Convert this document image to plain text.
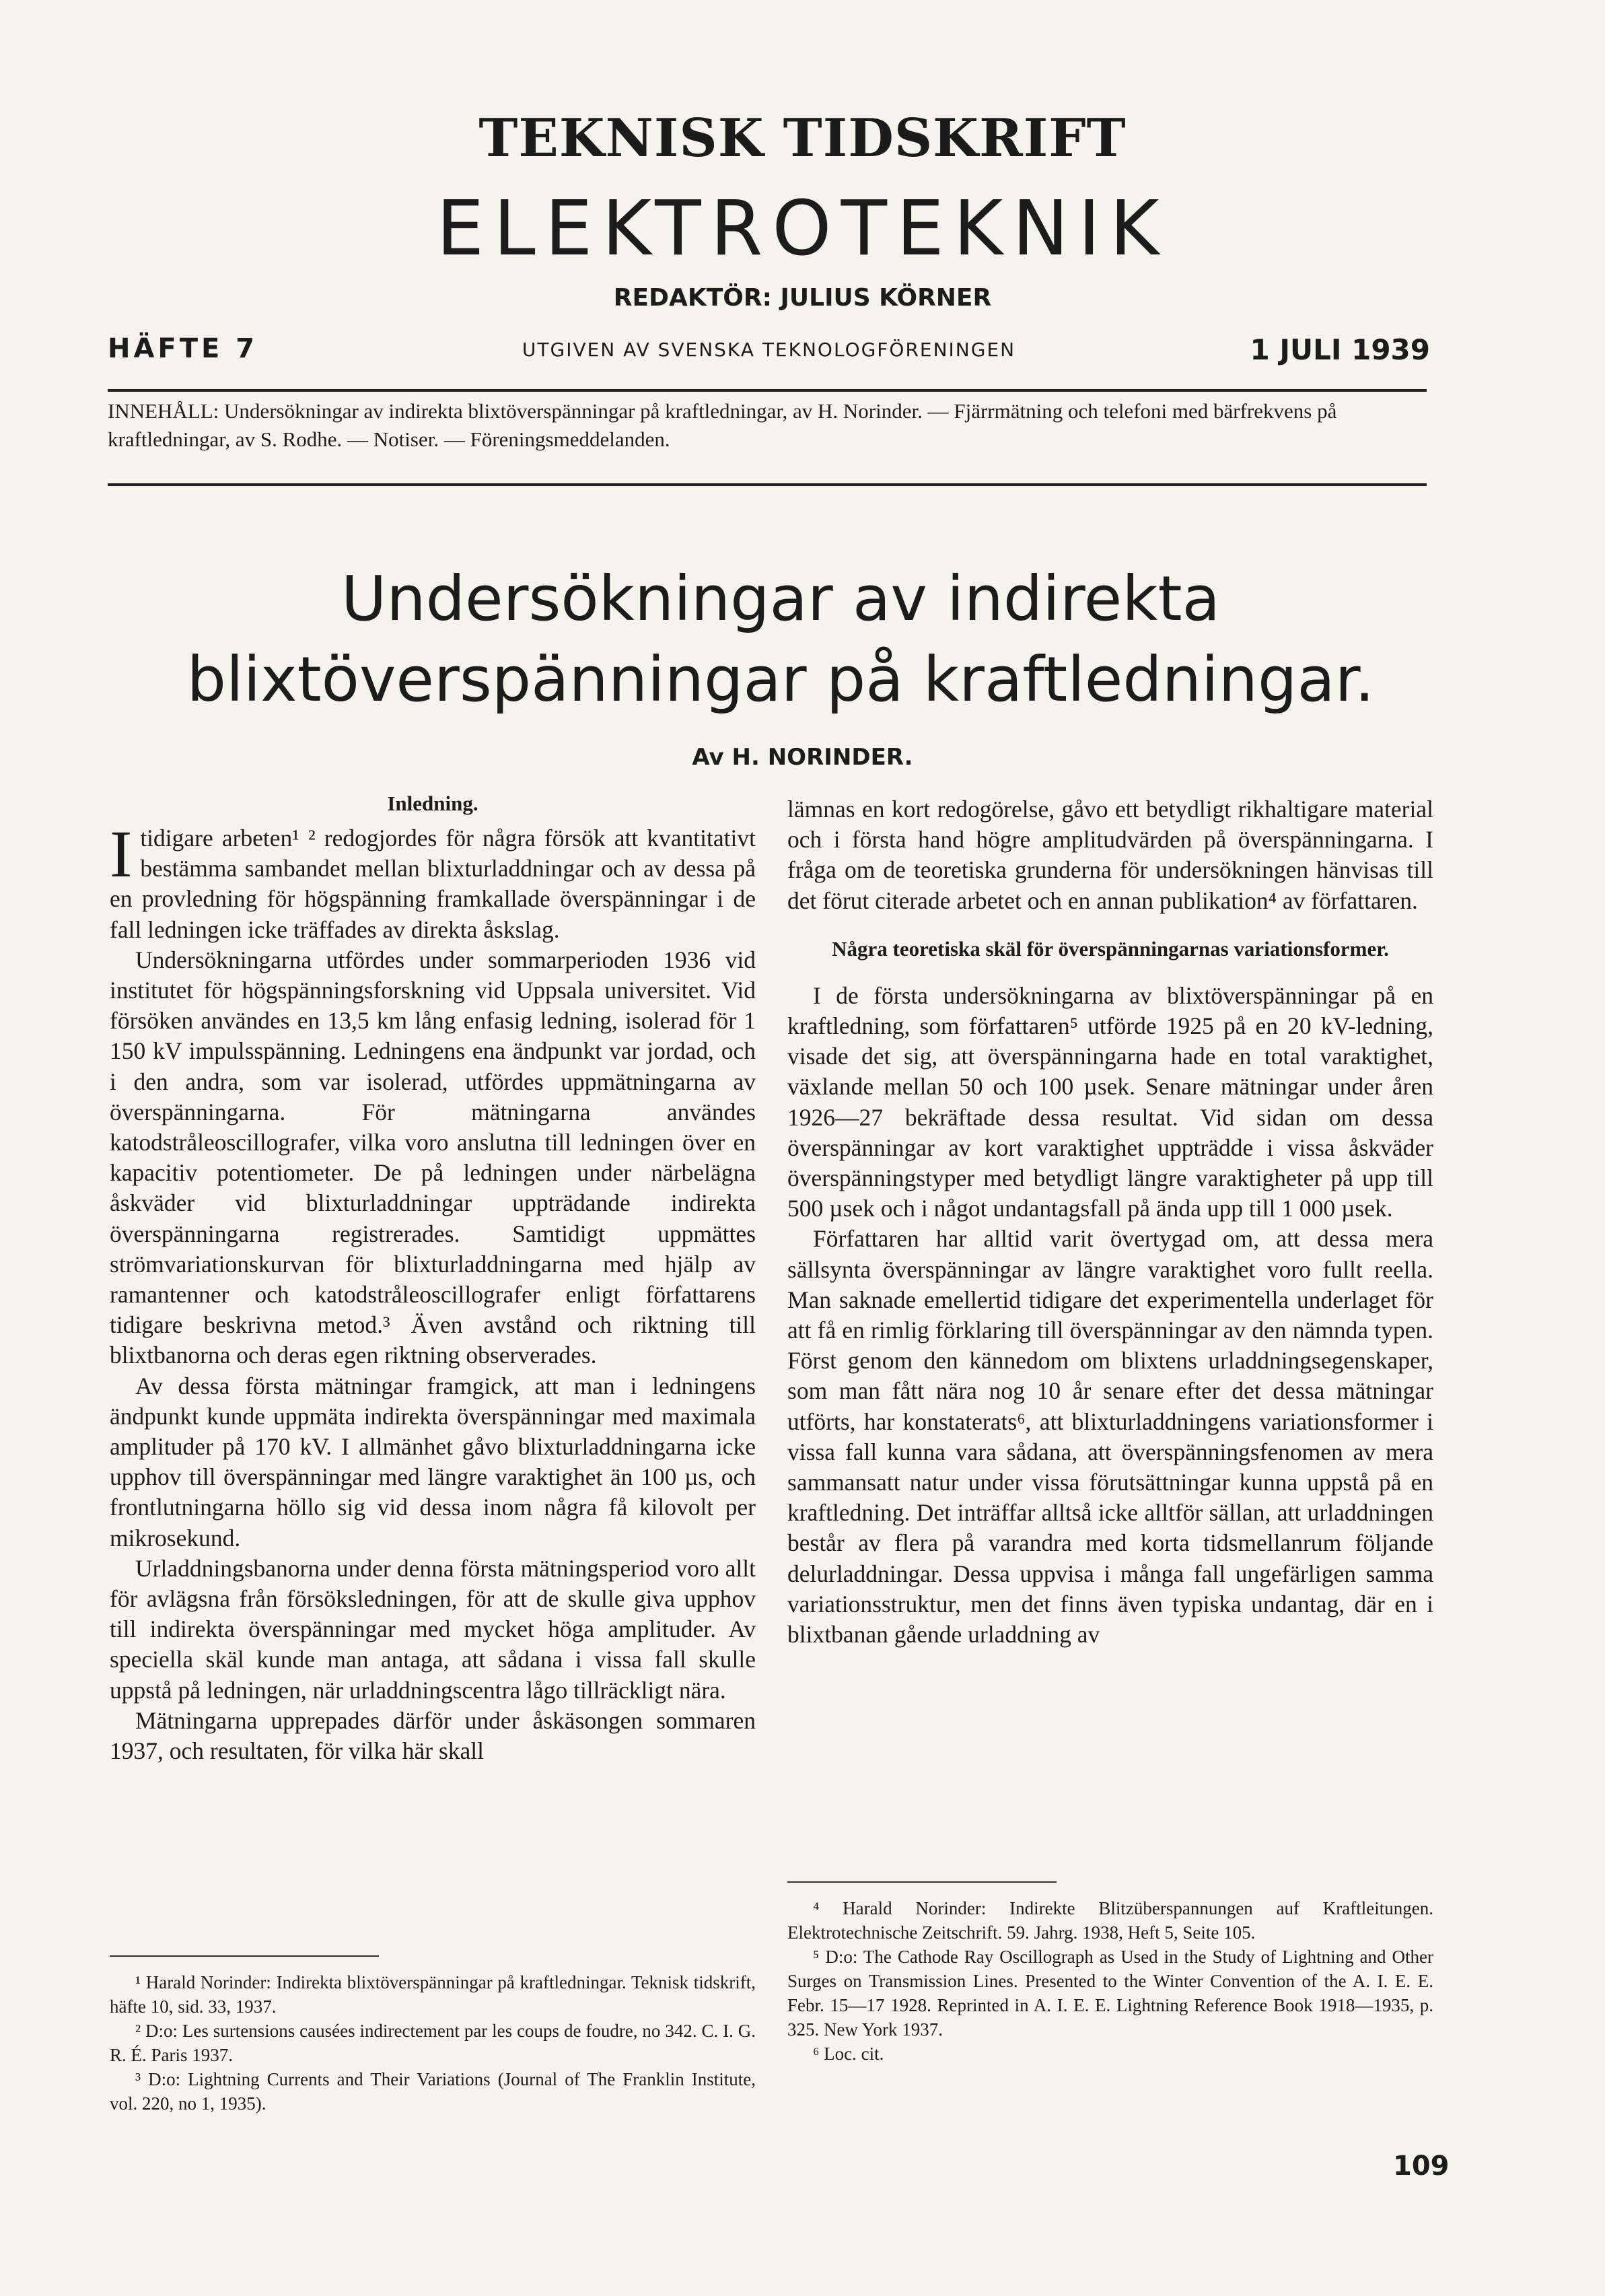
TEKNISK TIDSKRIFT
ELEKTROTEKNIK
REDAKTÖR: JULIUS KÖRNER
UTGIVEN AV SVENSKA TEKNOLOGFÖRENINGEN
HÄFTE 7	1 JULI 1939
INNEHÅLL: Undersökningar av indirekta blixtöverspänningar på kraftledningar, av H. Norinder. — Fjärrmätning och telefoni med bärfrekvens på kraftledningar, av S. Rodhe. — Notiser. — Föreningsmeddelanden.
Undersökningar av indirekta blixtöverspänningar på kraftledningar.
Av H. NORINDER.
Inledning.

Itidigare arbeten¹ ² redogjordes för några försök att kvantitativt bestämma sambandet mellan blixturladdningar och av dessa på en provledning för högspänning framkallade överspänningar i de fall ledningen icke träffades av direkta åskslag.

Undersökningarna utfördes under sommarperioden 1936 vid institutet för högspänningsforskning vid Uppsala universitet. Vid försöken användes en 13,5 km lång enfasig ledning, isolerad för 1 150 kV impulsspänning. Ledningens ena ändpunkt var jordad, och i den andra, som var isolerad, utfördes uppmätningarna av överspänningarna. För mätningarna användes katodstråleoscillografer, vilka voro anslutna till ledningen över en kapacitiv potentiometer. De på ledningen under närbelägna åskväder vid blixturladdningar uppträdande indirekta överspänningarna registrerades. Samtidigt uppmättes strömvariationskurvan för blixturladdningarna med hjälp av ramantenner och katodstråleoscillografer enligt författarens tidigare beskrivna metod.³ Även avstånd och riktning till blixtbanorna och deras egen riktning observerades.

Av dessa första mätningar framgick, att man i ledningens ändpunkt kunde uppmäta indirekta överspänningar med maximala amplituder på 170 kV. I allmänhet gåvo blixturladdningarna icke upphov till överspänningar med längre varaktighet än 100 µs, och frontlutningarna höllo sig vid dessa inom några få kilovolt per mikrosekund.

Urladdningsbanorna under denna första mätningsperiod voro allt för avlägsna från försöksledningen, för att de skulle giva upphov till indirekta överspänningar med mycket höga amplituder. Av speciella skäl kunde man antaga, att sådana i vissa fall skulle uppstå på ledningen, när urladdningscentra lågo tillräckligt nära.

Mätningarna upprepades därför under åskäsongen sommaren 1937, och resultaten, för vilka här skall

lämnas en kort redogörelse, gåvo ett betydligt rikhaltigare material och i första hand högre amplitudvärden på överspänningarna. I fråga om de teoretiska grunderna för undersökningen hänvisas till det förut citerade arbetet och en annan publikation⁴ av författaren.

Några teoretiska skäl för överspänningarnas variationsformer.

I de första undersökningarna av blixtöverspänningar på en kraftledning, som författaren⁵ utförde 1925 på en 20 kV-ledning, visade det sig, att överspänningarna hade en total varaktighet, växlande mellan 50 och 100 µsek. Senare mätningar under åren 1926—27 bekräftade dessa resultat. Vid sidan om dessa överspänningar av kort varaktighet uppträdde i vissa åskväder överspänningstyper med betydligt längre varaktigheter på upp till 500 µsek och i något undantagsfall på ända upp till 1 000 µsek.

Författaren har alltid varit övertygad om, att dessa mera sällsynta överspänningar av längre varaktighet voro fullt reella. Man saknade emellertid tidigare det experimentella underlaget för att få en rimlig förklaring till överspänningar av den nämnda typen. Först genom den kännedom om blixtens urladdningsegenskaper, som man fått nära nog 10 år senare efter det dessa mätningar utförts, har konstaterats⁶, att blixturladdningens variationsformer i vissa fall kunna vara sådana, att överspänningsfenomen av mera sammansatt natur under vissa förutsättningar kunna uppstå på en kraftledning. Det inträffar alltså icke alltför sällan, att urladdningen består av flera på varandra med korta tidsmellanrum följande delurladdningar. Dessa uppvisa i många fall ungefärligen samma variationsstruktur, men det finns även typiska undantag, där en i blixtbanan gående urladdning av

¹ Harald Norinder: Indirekta blixtöverspänningar på kraftledningar. Teknisk tidskrift, häfte 10, sid. 33, 1937.

² D:o: Les surtensions causées indirectement par les coups de foudre, no 342. C. I. G. R. É. Paris 1937.

³ D:o: Lightning Currents and Their Variations (Journal of The Franklin Institute, vol. 220, no 1, 1935).

⁴ Harald Norinder: Indirekte Blitzüberspannungen auf Kraftleitungen. Elektrotechnische Zeitschrift. 59. Jahrg. 1938, Heft 5, Seite 105.

⁵ D:o: The Cathode Ray Oscillograph as Used in the Study of Lightning and Other Surges on Transmission Lines. Presented to the Winter Convention of the A. I. E. E. Febr. 15—17 1928. Reprinted in A. I. E. E. Lightning Reference Book 1918—1935, p. 325. New York 1937.

⁶ Loc. cit.

109
